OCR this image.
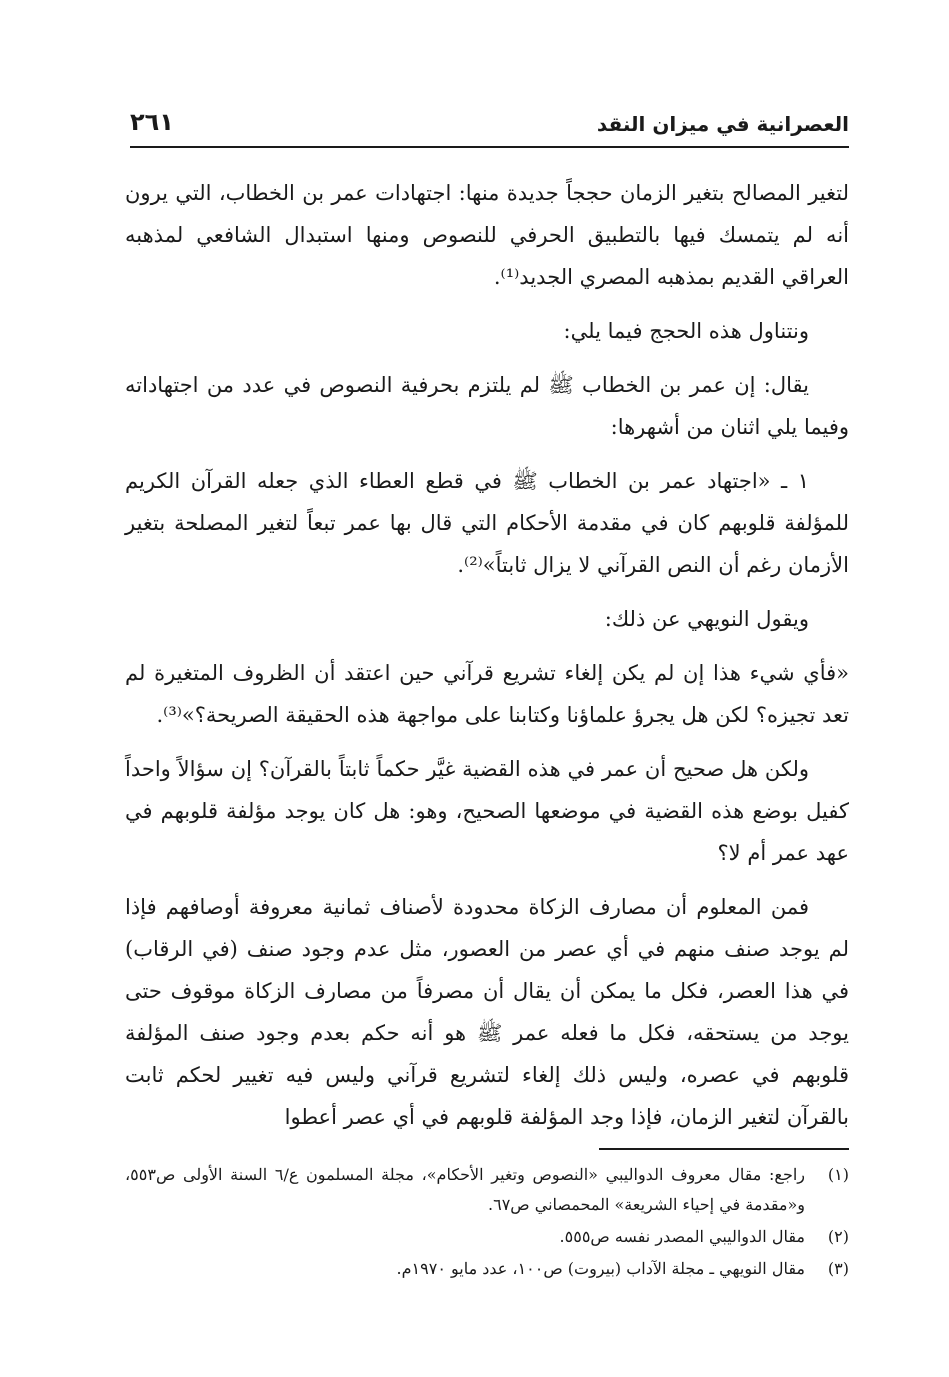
العصرانية في ميزان النقد
٢٦١

لتغير المصالح بتغير الزمان حججاً جديدة منها: اجتهادات عمر بن الخطاب، التي يرون أنه لم يتمسك فيها بالتطبيق الحرفي للنصوص ومنها استبدال الشافعي لمذهبه العراقي القديم بمذهبه المصري الجديد⁽¹⁾.

ونتناول هذه الحجج فيما يلي:

يقال: إن عمر بن الخطاب ﷺ لم يلتزم بحرفية النصوص في عدد من اجتهاداته وفيما يلي اثنان من أشهرها:

١ ـ «اجتهاد عمر بن الخطاب ﷺ في قطع العطاء الذي جعله القرآن الكريم للمؤلفة قلوبهم كان في مقدمة الأحكام التي قال بها عمر تبعاً لتغير المصلحة بتغير الأزمان رغم أن النص القرآني لا يزال ثابتاً»⁽²⁾.

ويقول النويهي عن ذلك:

«فأي شيء هذا إن لم يكن إلغاء تشريع قرآني حين اعتقد أن الظروف المتغيرة لم تعد تجيزه؟ لكن هل يجرؤ علماؤنا وكتابنا على مواجهة هذه الحقيقة الصريحة؟»⁽³⁾.

ولكن هل صحيح أن عمر في هذه القضية غيَّر حكماً ثابتاً بالقرآن؟ إن سؤالاً واحداً كفيل بوضع هذه القضية في موضعها الصحيح، وهو: هل كان يوجد مؤلفة قلوبهم في عهد عمر أم لا؟

فمن المعلوم أن مصارف الزكاة محدودة لأصناف ثمانية معروفة أوصافهم فإذا لم يوجد صنف منهم في أي عصر من العصور، مثل عدم وجود صنف (في الرقاب) في هذا العصر، فكل ما يمكن أن يقال أن مصرفاً من مصارف الزكاة موقوف حتى يوجد من يستحقه، فكل ما فعله عمر ﷺ هو أنه حكم بعدم وجود صنف المؤلفة قلوبهم في عصره، وليس ذلك إلغاء لتشريع قرآني وليس فيه تغيير لحكم ثابت بالقرآن لتغير الزمان، فإذا وجد المؤلفة قلوبهم في أي عصر أعطوا

(١)
راجع: مقال معروف الدواليبي «النصوص وتغير الأحكام»، مجلة المسلمون ع/٦ السنة الأولى ص٥٥٣، و«مقدمة في إحياء الشريعة» المحمصاني ص٦٧.
(٢)
مقال الدواليبي المصدر نفسه ص٥٥٥.
(٣)
مقال النويهي ـ مجلة الآداب (بيروت) ص١٠٠، عدد مايو ١٩٧٠م.
